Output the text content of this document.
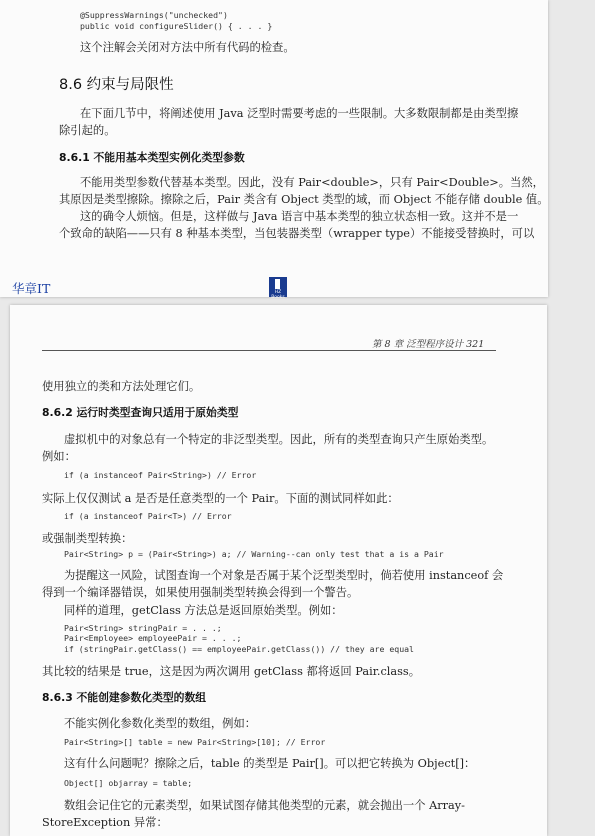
@SuppressWarnings("unchecked")
public void configureSlider() { . . . }
这个注解会关闭对方法中所有代码的检查。
8.6 约束与局限性
在下面几节中，将阐述使用 Java 泛型时需要考虑的一些限制。大多数限制都是由类型擦
除引起的。
8.6.1 不能用基本类型实例化类型参数
不能用类型参数代替基本类型。因此，没有 Pair<double>，只有 Pair<Double>。当然，
其原因是类型擦除。擦除之后，Pair 类含有 Object 类型的域，而 Object 不能存储 double 值。
这的确令人烦恼。但是，这样做与 Java 语言中基本类型的独立状态相一致。这并不是一
个致命的缺陷——只有 8 种基本类型，当包装器类型（wrapper type）不能接受替换时，可以
华章IT	HZ Books
第 8 章 泛型程序设计 321
使用独立的类和方法处理它们。
8.6.2 运行时类型查询只适用于原始类型
虚拟机中的对象总有一个特定的非泛型类型。因此，所有的类型查询只产生原始类型。
例如：
if (a instanceof Pair<String>) // Error
实际上仅仅测试 a 是否是任意类型的一个 Pair。下面的测试同样如此：
if (a instanceof Pair<T>) // Error
或强制类型转换：
Pair<String> p = (Pair<String>) a; // Warning--can only test that a is a Pair
为提醒这一风险，试图查询一个对象是否属于某个泛型类型时，倘若使用 instanceof 会
得到一个编译器错误，如果使用强制类型转换会得到一个警告。
同样的道理，getClass 方法总是返回原始类型。例如：
Pair<String> stringPair = . . .;
Pair<Employee> employeePair = . . .;
if (stringPair.getClass() == employeePair.getClass()) // they are equal
其比较的结果是 true，这是因为两次调用 getClass 都将返回 Pair.class。
8.6.3 不能创建参数化类型的数组
不能实例化参数化类型的数组，例如：
Pair<String>[] table = new Pair<String>[10]; // Error
这有什么问题呢？擦除之后，table 的类型是 Pair[]。可以把它转换为 Object[]：
Object[] objarray = table;
数组会记住它的元素类型，如果试图存储其他类型的元素，就会抛出一个 Array-
StoreException 异常：
